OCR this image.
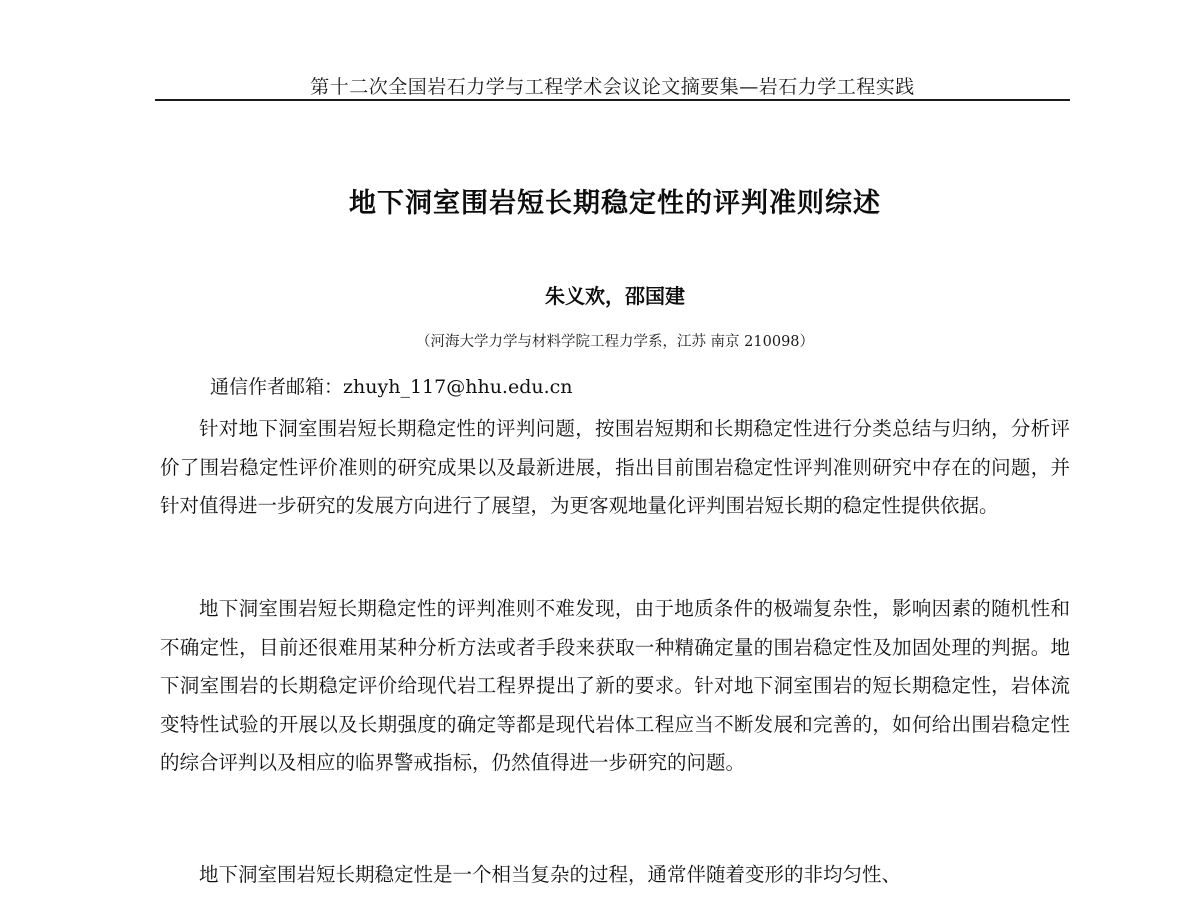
第十二次全国岩石力学与工程学术会议论文摘要集—岩石力学工程实践
地下洞室围岩短长期稳定性的评判准则综述
朱义欢，邵国建
（河海大学力学与材料学院工程力学系，江苏 南京 210098）
通信作者邮箱：zhuyh_117@hhu.edu.cn
针对地下洞室围岩短长期稳定性的评判问题，按围岩短期和长期稳定性进行分类总结与归纳，分析评价了围岩稳定性评价准则的研究成果以及最新进展，指出目前围岩稳定性评判准则研究中存在的问题，并针对值得进一步研究的发展方向进行了展望，为更客观地量化评判围岩短长期的稳定性提供依据。
地下洞室围岩短长期稳定性的评判准则不难发现，由于地质条件的极端复杂性，影响因素的随机性和不确定性，目前还很难用某种分析方法或者手段来获取一种精确定量的围岩稳定性及加固处理的判据。地下洞室围岩的长期稳定评价给现代岩工程界提出了新的要求。针对地下洞室围岩的短长期稳定性，岩体流变特性试验的开展以及长期强度的确定等都是现代岩体工程应当不断发展和完善的，如何给出围岩稳定性的综合评判以及相应的临界警戒指标，仍然值得进一步研究的问题。
地下洞室围岩短长期稳定性是一个相当复杂的过程，通常伴随着变形的非均匀性、
